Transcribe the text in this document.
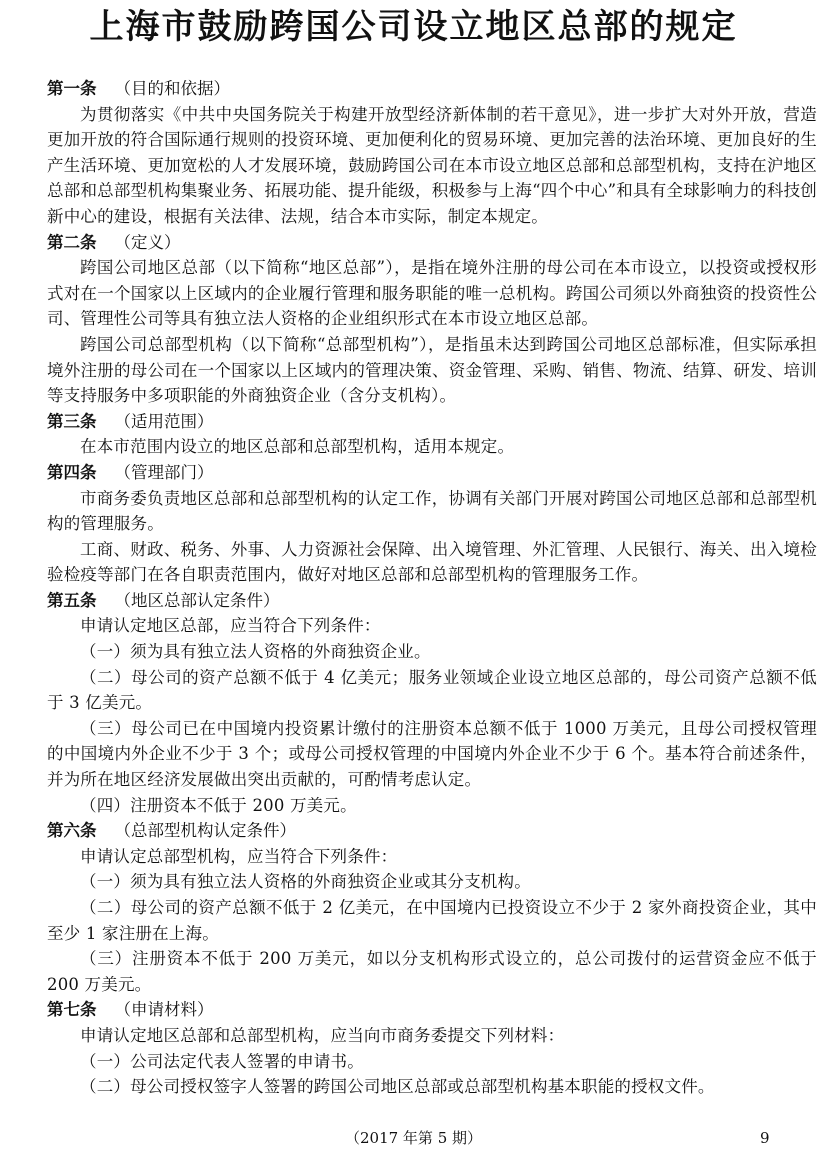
上海市鼓励跨国公司设立地区总部的规定

第一条 （目的和依据）

为贯彻落实《中共中央国务院关于构建开放型经济新体制的若干意见》，进一步扩大对外开放，营造更加开放的符合国际通行规则的投资环境、更加便利化的贸易环境、更加完善的法治环境、更加良好的生产生活环境、更加宽松的人才发展环境，鼓励跨国公司在本市设立地区总部和总部型机构，支持在沪地区总部和总部型机构集聚业务、拓展功能、提升能级，积极参与上海“四个中心”和具有全球影响力的科技创新中心的建设，根据有关法律、法规，结合本市实际，制定本规定。

第二条 （定义）

跨国公司地区总部（以下简称“地区总部”），是指在境外注册的母公司在本市设立，以投资或授权形式对在一个国家以上区域内的企业履行管理和服务职能的唯一总机构。跨国公司须以外商独资的投资性公司、管理性公司等具有独立法人资格的企业组织形式在本市设立地区总部。

跨国公司总部型机构（以下简称“总部型机构”），是指虽未达到跨国公司地区总部标准，但实际承担境外注册的母公司在一个国家以上区域内的管理决策、资金管理、采购、销售、物流、结算、研发、培训等支持服务中多项职能的外商独资企业（含分支机构）。

第三条 （适用范围）

在本市范围内设立的地区总部和总部型机构，适用本规定。

第四条 （管理部门）

市商务委负责地区总部和总部型机构的认定工作，协调有关部门开展对跨国公司地区总部和总部型机构的管理服务。

工商、财政、税务、外事、人力资源社会保障、出入境管理、外汇管理、人民银行、海关、出入境检验检疫等部门在各自职责范围内，做好对地区总部和总部型机构的管理服务工作。

第五条 （地区总部认定条件）

申请认定地区总部，应当符合下列条件：

（一）须为具有独立法人资格的外商独资企业。

（二）母公司的资产总额不低于 4 亿美元；服务业领域企业设立地区总部的，母公司资产总额不低于 3 亿美元。

（三）母公司已在中国境内投资累计缴付的注册资本总额不低于 1000 万美元，且母公司授权管理的中国境内外企业不少于 3 个；或母公司授权管理的中国境内外企业不少于 6 个。基本符合前述条件，并为所在地区经济发展做出突出贡献的，可酌情考虑认定。

（四）注册资本不低于 200 万美元。

第六条 （总部型机构认定条件）

申请认定总部型机构，应当符合下列条件：

（一）须为具有独立法人资格的外商独资企业或其分支机构。

（二）母公司的资产总额不低于 2 亿美元，在中国境内已投资设立不少于 2 家外商投资企业，其中至少 1 家注册在上海。

（三）注册资本不低于 200 万美元，如以分支机构形式设立的，总公司拨付的运营资金应不低于 200 万美元。

第七条 （申请材料）

申请认定地区总部和总部型机构，应当向市商务委提交下列材料：

（一）公司法定代表人签署的申请书。

（二）母公司授权签字人签署的跨国公司地区总部或总部型机构基本职能的授权文件。

（2017 年第 5 期）	9
